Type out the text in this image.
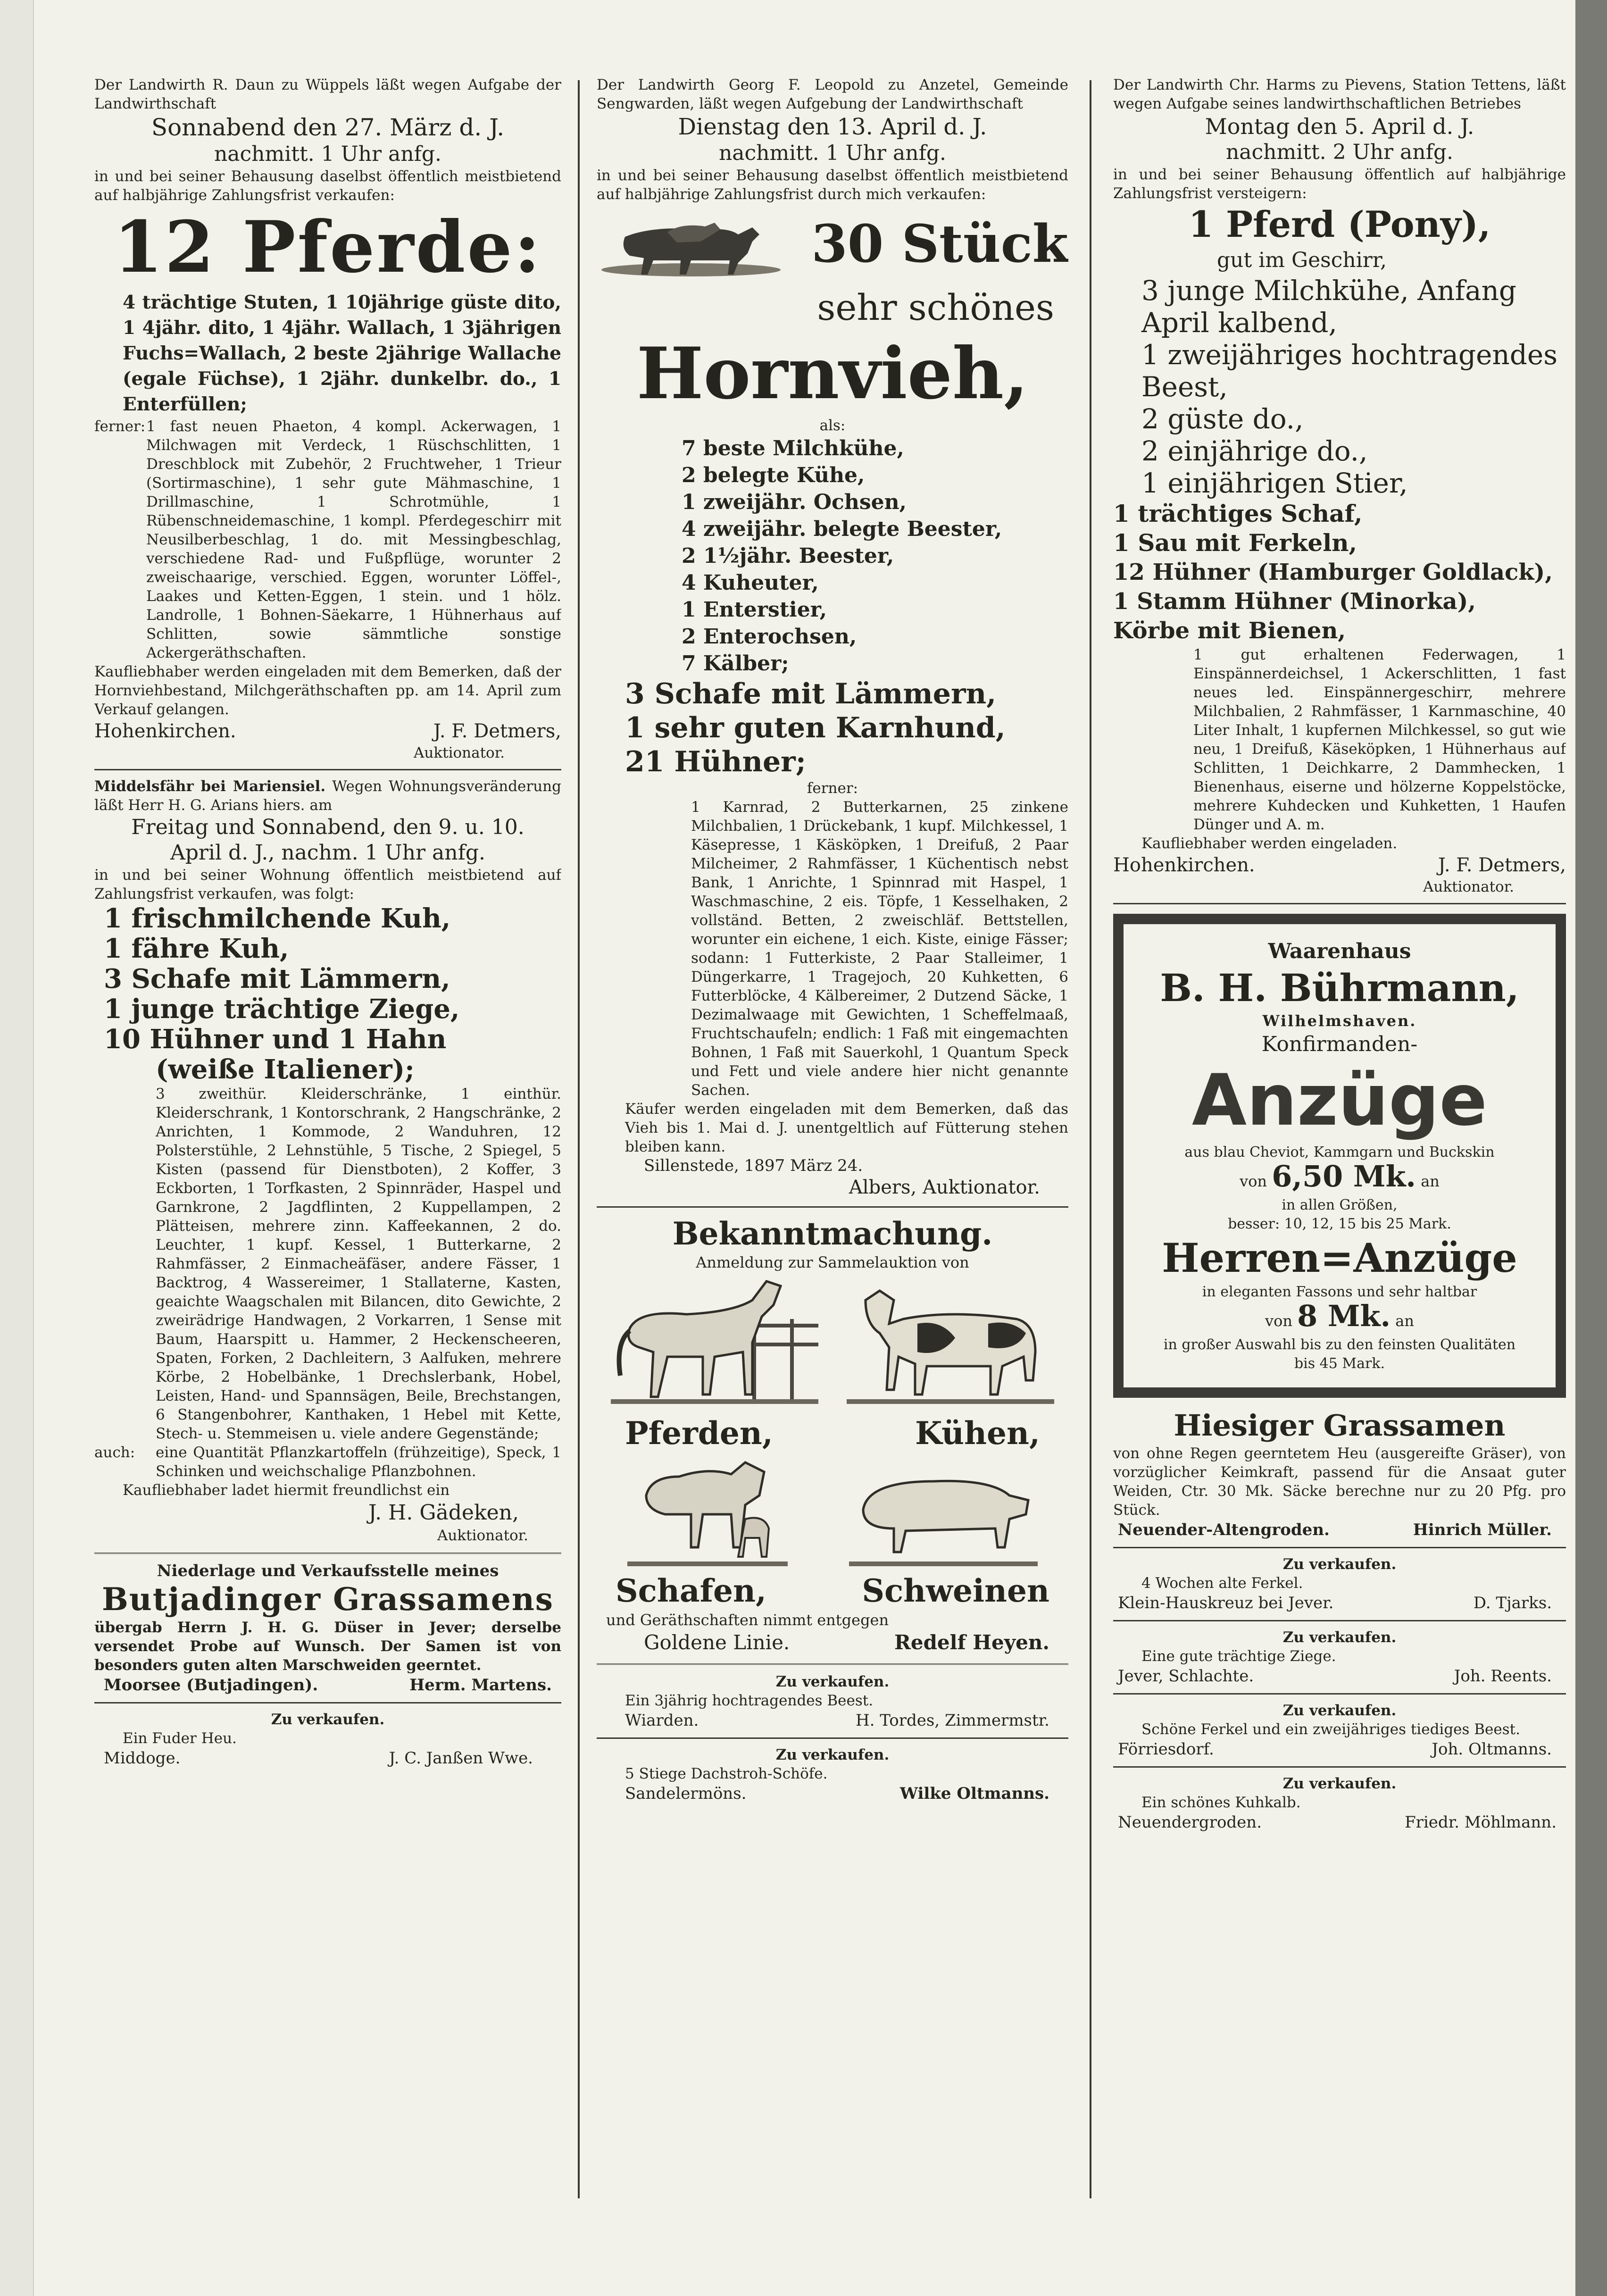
Der Landwirth R. Daun zu Wüppels läßt wegen Aufgabe der Landwirthschaft

Sonnabend den 27. März d. J.

nachmitt. 1 Uhr anfg.

in und bei seiner Behausung daselbst öffentlich meistbietend auf halbjährige Zahlungsfrist verkaufen:

12 Pferde:

4 trächtige Stuten, 1 10jährige güste dito, 1 4jähr. dito, 1 4jähr. Wallach, 1 3jährigen Fuchs=Wallach, 2 beste 2jährige Wallache (egale Füchse), 1 2jähr. dunkelbr. do., 1 Enterfüllen;

ferner: 1 fast neuen Phaeton, 4 kompl. Ackerwagen, 1 Milchwagen mit Verdeck, 1 Rüschschlitten, 1 Dreschblock mit Zubehör, 2 Fruchtweher, 1 Trieur (Sortirmaschine), 1 sehr gute Mähmaschine, 1 Drillmaschine, 1 Schrotmühle, 1 Rübenschneidemaschine, 1 kompl. Pferdegeschirr mit Neusilberbeschlag, 1 do. mit Messingbeschlag, verschiedene Rad- und Fußpflüge, worunter 2 zweischaarige, verschied. Eggen, worunter Löffel-, Laakes und Ketten-Eggen, 1 stein. und 1 hölz. Landrolle, 1 Bohnen-Säekarre, 1 Hühnerhaus auf Schlitten, sowie sämmtliche sonstige Ackergeräthschaften.

Kaufliebhaber werden eingeladen mit dem Bemerken, daß der Hornviehbestand, Milchgeräthschaften pp. am 14. April zum Verkauf gelangen.

Hohenkirchen.	J. F. Detmers,

Auktionator.

Middelsfähr bei Mariensiel. Wegen Wohnungsveränderung läßt Herr H. G. Arians hiers. am

Freitag und Sonnabend, den 9. u. 10.

April d. J., nachm. 1 Uhr anfg.

in und bei seiner Wohnung öffentlich meistbietend auf Zahlungsfrist verkaufen, was folgt:

1 frischmilchende Kuh,

1 fähre Kuh,

3 Schafe mit Lämmern,

1 junge trächtige Ziege,

10 Hühner und 1 Hahn

(weiße Italiener);

3 zweithür. Kleiderschränke, 1 einthür. Kleiderschrank, 1 Kontorschrank, 2 Hangschränke, 2 Anrichten, 1 Kommode, 2 Wanduhren, 12 Polsterstühle, 2 Lehnstühle, 5 Tische, 2 Spiegel, 5 Kisten (passend für Dienstboten), 2 Koffer, 3 Eckborten, 1 Torfkasten, 2 Spinnräder, Haspel und Garnkrone, 2 Jagdflinten, 2 Kuppellampen, 2 Plätteisen, mehrere zinn. Kaffeekannen, 2 do. Leuchter, 1 kupf. Kessel, 1 Butterkarne, 2 Rahmfässer, 2 Einmacheäfäser, andere Fässer, 1 Backtrog, 4 Wassereimer, 1 Stallaterne, Kasten, geaichte Waagschalen mit Bilancen, dito Gewichte, 2 zweirädrige Handwagen, 2 Vorkarren, 1 Sense mit Baum, Haarspitt u. Hammer, 2 Heckenscheeren, Spaten, Forken, 2 Dachleitern, 3 Aalfuken, mehrere Körbe, 2 Hobelbänke, 1 Drechslerbank, Hobel, Leisten, Hand- und Spannsägen, Beile, Brechstangen, 6 Stangenbohrer, Kanthaken, 1 Hebel mit Kette, Stech- u. Stemmeisen u. viele andere Gegenstände;

auch:	eine Quantität Pflanzkartoffeln (frühzeitige), Speck, 1 Schinken und weichschalige Pflanzbohnen.

Kaufliebhaber ladet hiermit freundlichst ein

J. H. Gädeken,

Auktionator.

Niederlage und Verkaufsstelle meines

Butjadinger Grassamens

übergab Herrn J. H. G. Düser in Jever; derselbe versendet Probe auf Wunsch. Der Samen ist von besonders guten alten Marschweiden geerntet.

Moorsee (Butjadingen).	Herm. Martens.

Zu verkaufen.

Ein Fuder Heu.

Middoge.	J. C. Janßen Wwe.

Der Landwirth Georg F. Leopold zu Anzetel, Gemeinde Sengwarden, läßt wegen Aufgebung der Landwirthschaft

Dienstag den 13. April d. J.

nachmitt. 1 Uhr anfg.

in und bei seiner Behausung daselbst öffentlich meistbietend auf halbjährige Zahlungsfrist durch mich verkaufen:

30 Stück

sehr schönes

Hornvieh,

als:

7 beste Milchkühe,

2 belegte Kühe,

1 zweijähr. Ochsen,

4 zweijähr. belegte Beester,

2 1½jähr. Beester,

4 Kuheuter,

1 Enterstier,

2 Enterochsen,

7 Kälber;

3 Schafe mit Lämmern,

1 sehr guten Karnhund,

21 Hühner;

ferner:

1 Karnrad, 2 Butterkarnen, 25 zinkene Milchbalien, 1 Drückebank, 1 kupf. Milchkessel, 1 Käsepresse, 1 Käsköpken, 1 Dreifuß, 2 Paar Milcheimer, 2 Rahmfässer, 1 Küchentisch nebst Bank, 1 Anrichte, 1 Spinnrad mit Haspel, 1 Waschmaschine, 2 eis. Töpfe, 1 Kesselhaken, 2 vollständ. Betten, 2 zweischläf. Bettstellen, worunter ein eichene, 1 eich. Kiste, einige Fässer; sodann: 1 Futterkiste, 2 Paar Stalleimer, 1 Düngerkarre, 1 Tragejoch, 20 Kuhketten, 6 Futterblöcke, 4 Kälbereimer, 2 Dutzend Säcke, 1 Dezimalwaage mit Gewichten, 1 Scheffelmaaß, Fruchtschaufeln; endlich: 1 Faß mit eingemachten Bohnen, 1 Faß mit Sauerkohl, 1 Quantum Speck und Fett und viele andere hier nicht genannte Sachen.

Käufer werden eingeladen mit dem Bemerken, daß das Vieh bis 1. Mai d. J. unentgeltlich auf Fütterung stehen bleiben kann.

Sillenstede, 1897 März 24.

Albers, Auktionator.

Bekanntmachung.

Anmeldung zur Sammelauktion von

Pferden,	Kühen,
Schafen,	Schweinen

und Geräthschaften nimmt entgegen

Goldene Linie.	Redelf Heyen.

Zu verkaufen.

Ein 3jährig hochtragendes Beest.

Wiarden.	H. Tordes, Zimmermstr.

Zu verkaufen.

5 Stiege Dachstroh-Schöfe.

Sandelermöns.	Wilke Oltmanns.

Der Landwirth Chr. Harms zu Pievens, Station Tettens, läßt wegen Aufgabe seines landwirthschaftlichen Betriebes

Montag den 5. April d. J.

nachmitt. 2 Uhr anfg.

in und bei seiner Behausung öffentlich auf halbjährige Zahlungsfrist versteigern:

1 Pferd (Pony),

gut im Geschirr,

3 junge Milchkühe, Anfang April kalbend,

1 zweijähriges hochtragendes Beest,

2 güste do.,

2 einjährige do.,

1 einjährigen Stier,

1 trächtiges Schaf,

1 Sau mit Ferkeln,

12 Hühner (Hamburger Goldlack),

1 Stamm Hühner (Minorka),

Körbe mit Bienen,

1 gut erhaltenen Federwagen, 1 Einspännerdeichsel, 1 Ackerschlitten, 1 fast neues led. Einspännergeschirr, mehrere Milchbalien, 2 Rahmfässer, 1 Karnmaschine, 40 Liter Inhalt, 1 kupfernen Milchkessel, so gut wie neu, 1 Dreifuß, Käseköpken, 1 Hühnerhaus auf Schlitten, 1 Deichkarre, 2 Dammhecken, 1 Bienenhaus, eiserne und hölzerne Koppelstöcke, mehrere Kuhdecken und Kuhketten, 1 Haufen Dünger und A. m.

Kaufliebhaber werden eingeladen.

Hohenkirchen.	J. F. Detmers,

Auktionator.

Waarenhaus

B. H. Bührmann,

Wilhelmshaven.

Konfirmanden-

Anzüge

aus blau Cheviot, Kammgarn und Buckskin

von 6,50 Mk. an

in allen Größen,

besser: 10, 12, 15 bis 25 Mark.

Herren=Anzüge

in eleganten Fassons und sehr haltbar

von 8 Mk. an

in großer Auswahl bis zu den feinsten Qualitäten bis 45 Mark.

Hiesiger Grassamen

von ohne Regen geerntetem Heu (ausgereifte Gräser), von vorzüglicher Keimkraft, passend für die Ansaat guter Weiden, Ctr. 30 Mk. Säcke berechne nur zu 20 Pfg. pro Stück.

Neuender-Altengroden.	Hinrich Müller.

Zu verkaufen.

4 Wochen alte Ferkel.

Klein-Hauskreuz bei Jever.	D. Tjarks.

Zu verkaufen.

Eine gute trächtige Ziege.

Jever, Schlachte.	Joh. Reents.

Zu verkaufen.

Schöne Ferkel und ein zweijähriges tiediges Beest.

Förriesdorf.	Joh. Oltmanns.

Zu verkaufen.

Ein schönes Kuhkalb.

Neuendergroden.	Friedr. Möhlmann.
